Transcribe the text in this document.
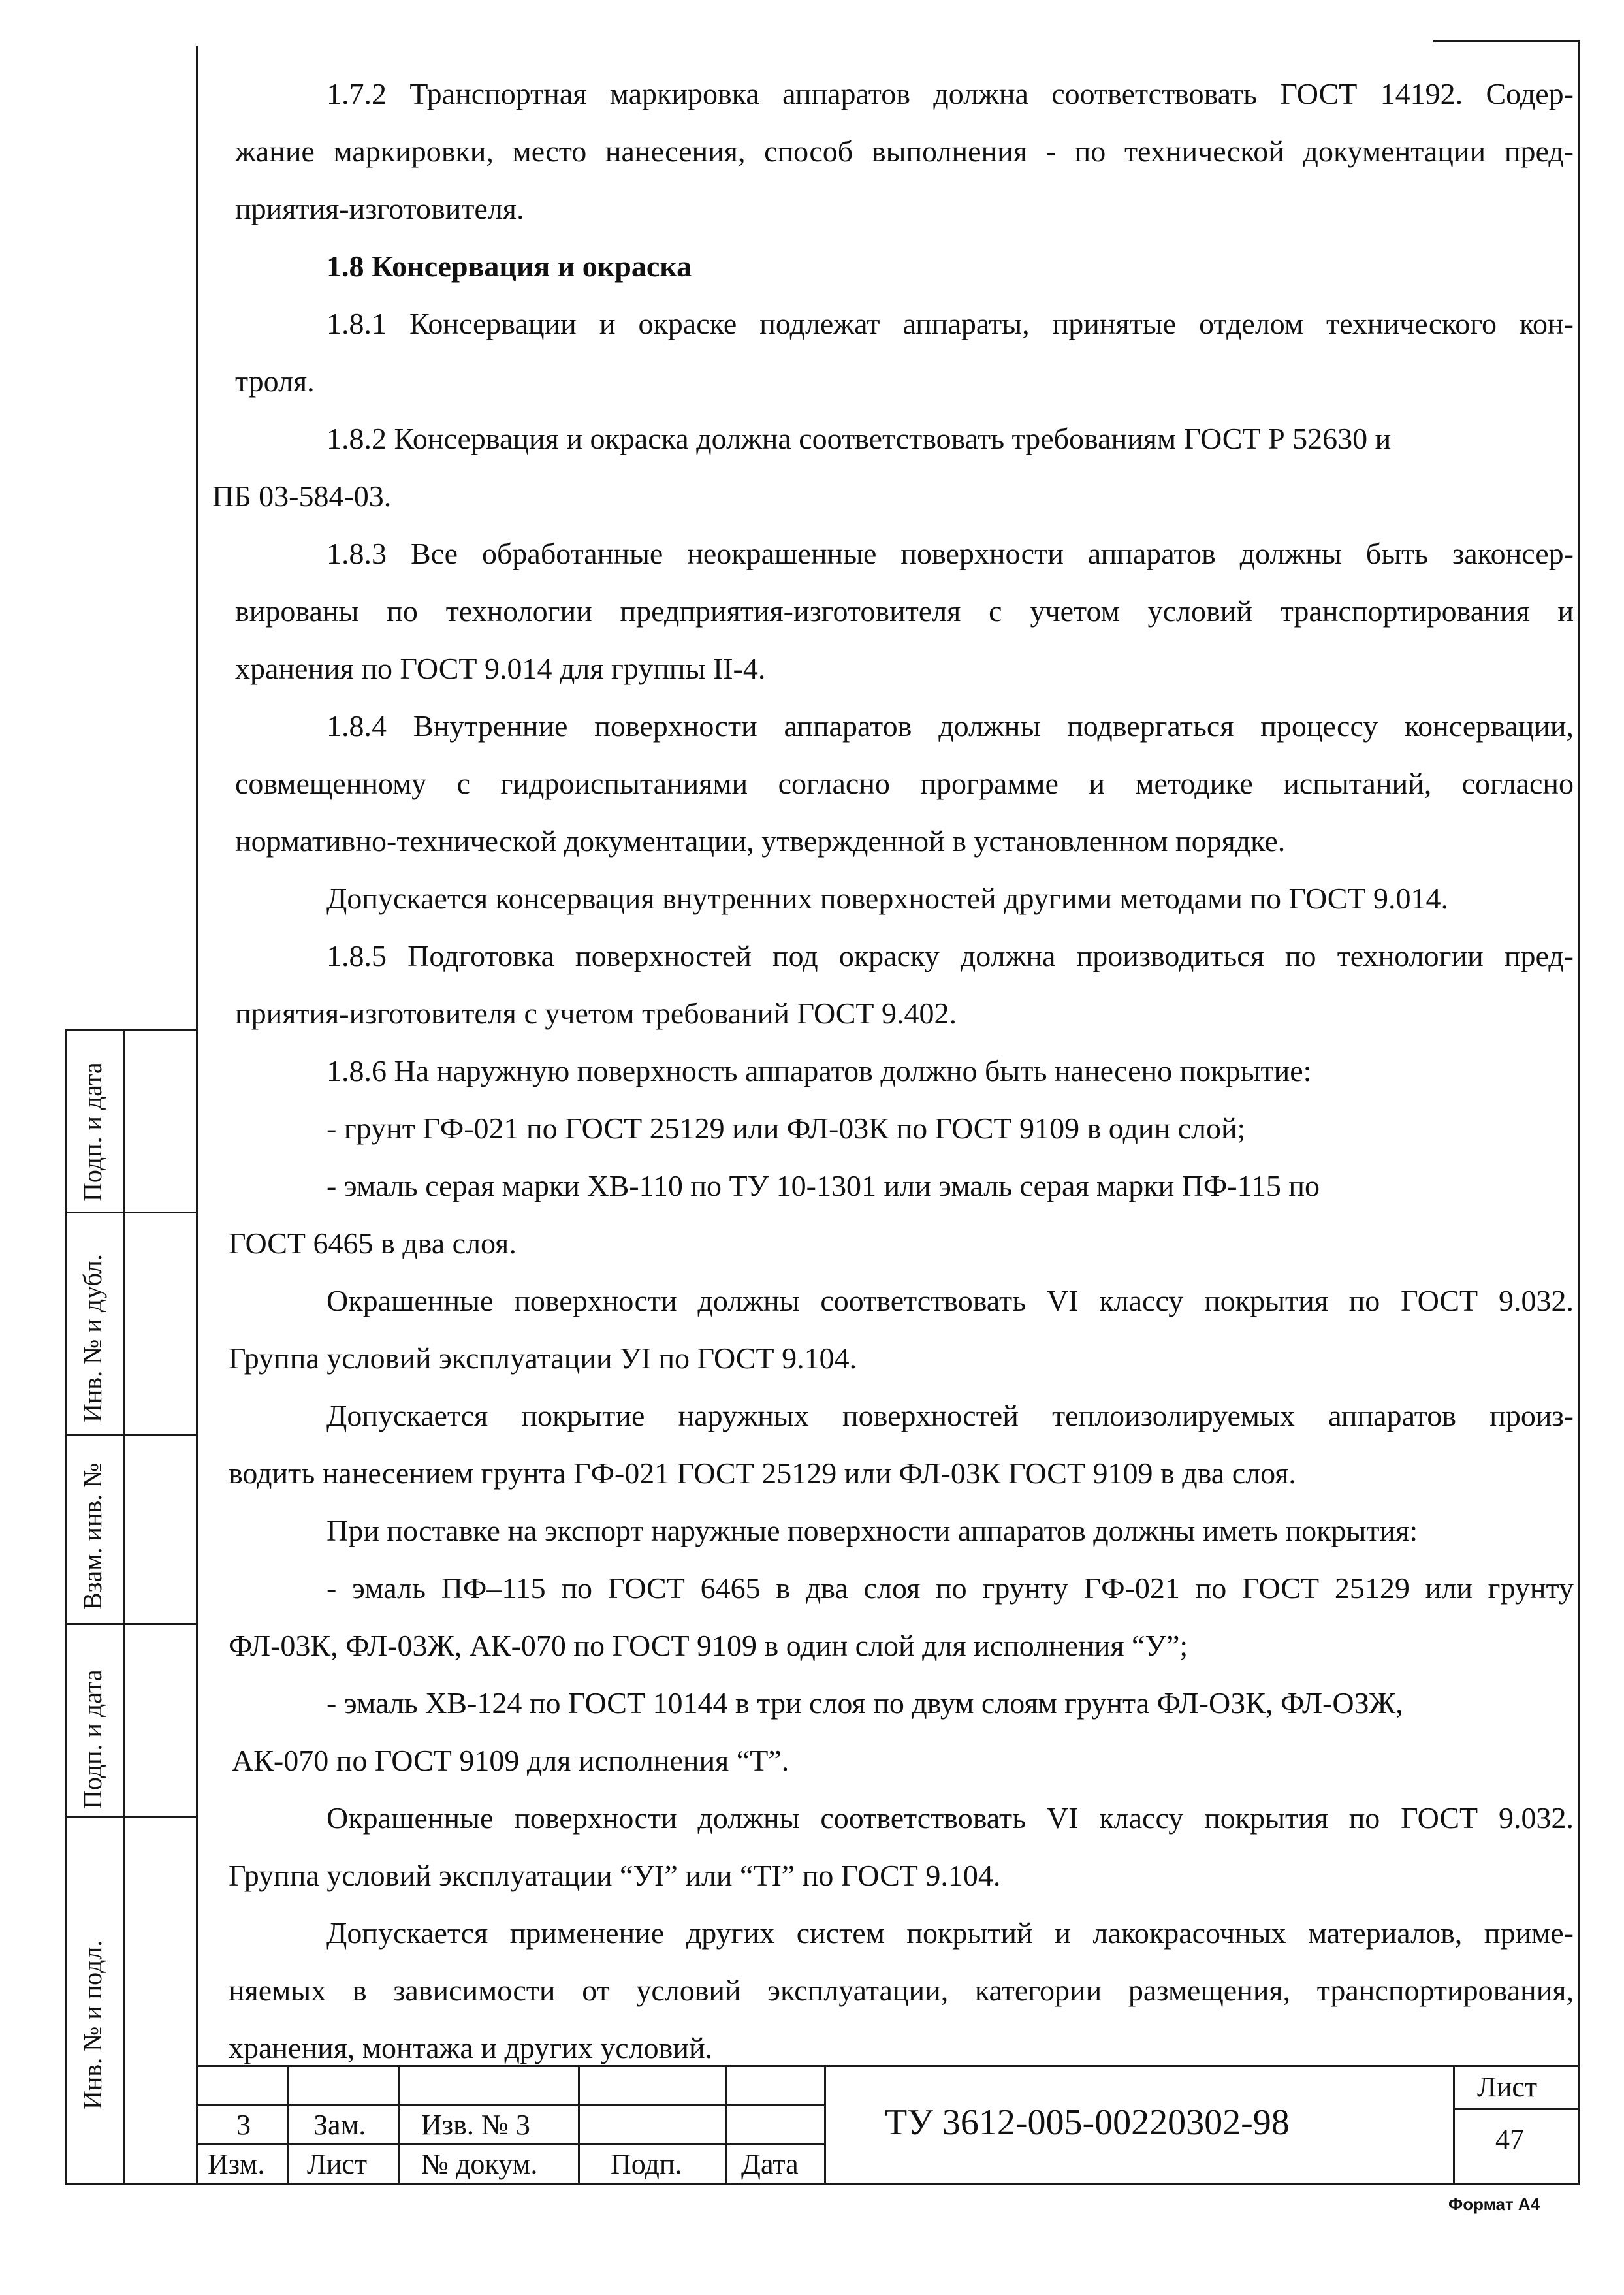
Подп. и дата
Инв. № и дубл.
Взам. инв. №
Подп. и дата
Инв. № и подл.
1.7.2 Транспортная маркировка аппаратов должна соответствовать ГОСТ 14192. Содер-
жание маркировки, место нанесения, способ выполнения - по технической документации пред-
приятия-изготовителя.
1.8 Консервация и окраска
1.8.1 Консервации и окраске подлежат аппараты, принятые отделом технического кон-
троля.
1.8.2 Консервация и окраска должна соответствовать требованиям ГОСТ Р 52630 и
ПБ 03-584-03.
1.8.3 Все обработанные неокрашенные поверхности аппаратов должны быть законсер-
вированы по технологии предприятия-изготовителя с учетом условий транспортирования и
хранения по ГОСТ 9.014 для группы II-4.
1.8.4 Внутренние поверхности аппаратов должны подвергаться процессу консервации,
совмещенному с гидроиспытаниями согласно программе и методике испытаний, согласно
нормативно-технической документации, утвержденной в установленном порядке.
Допускается консервация внутренних поверхностей другими методами по ГОСТ 9.014.
1.8.5 Подготовка поверхностей под окраску должна производиться по технологии пред-
приятия-изготовителя с учетом требований ГОСТ 9.402.
1.8.6 На наружную поверхность аппаратов должно быть нанесено покрытие:
- грунт ГФ-021 по ГОСТ 25129 или ФЛ-03К по ГОСТ 9109 в один слой;
- эмаль серая марки ХВ-110 по ТУ 10-1301 или эмаль серая марки ПФ-115 по
ГОСТ 6465 в два слоя.
Окрашенные поверхности должны соответствовать VI классу покрытия по ГОСТ 9.032.
Группа условий эксплуатации УI по ГОСТ 9.104.
Допускается покрытие наружных поверхностей теплоизолируемых аппаратов произ-
водить нанесением грунта ГФ-021 ГОСТ 25129 или ФЛ-03К ГОСТ 9109 в два слоя.
При поставке на экспорт наружные поверхности аппаратов должны иметь покрытия:
- эмаль ПФ–115 по ГОСТ 6465 в два слоя по грунту ГФ-021 по ГОСТ 25129 или грунту
ФЛ-03К, ФЛ-03Ж, АК-070 по ГОСТ 9109 в один слой для исполнения “У”;
- эмаль ХВ-124 по ГОСТ 10144 в три слоя по двум слоям грунта ФЛ-ОЗК, ФЛ-ОЗЖ,
АК-070 по ГОСТ 9109 для исполнения “Т”.
Окрашенные поверхности должны соответствовать VI классу покрытия по ГОСТ 9.032.
Группа условий эксплуатации “УI” или “ТI” по ГОСТ 9.104.
Допускается применение других систем покрытий и лакокрасочных материалов, приме-
няемых в зависимости от условий эксплуатации, категории размещения, транспортирования,
хранения, монтажа и других условий.
3 Зам. Изв. № 3
Изм. Лист № докум.	Подп. Дата
ТУ 3612-005-00220302-98
Лист
47
Формат А4
